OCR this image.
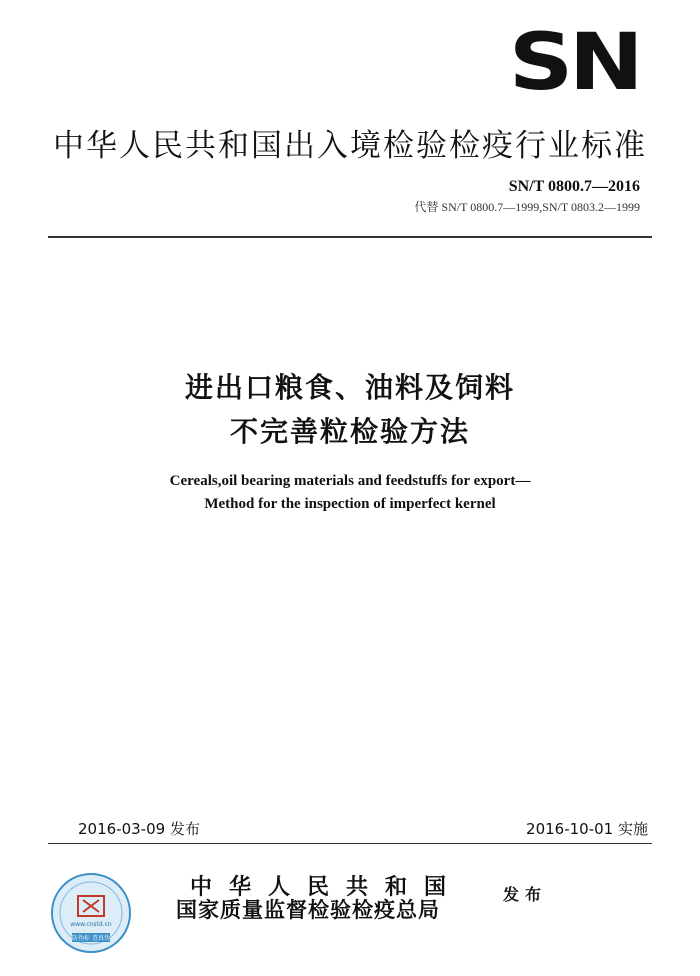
SN
中华人民共和国出入境检验检疫行业标准
SN/T 0800.7—2016
代替 SN/T 0800.7—1999,SN/T 0803.2—1999
进出口粮食、油料及饲料
不完善粒检验方法
Cereals,oil bearing materials and feedstuffs for export—
Method for the inspection of imperfect kernel
2016-03-09 发布	2016-10-01 实施
www.cnstd.cn
防伪标 查真伪
中华人民共和国
国家质量监督检验检疫总局
发布
